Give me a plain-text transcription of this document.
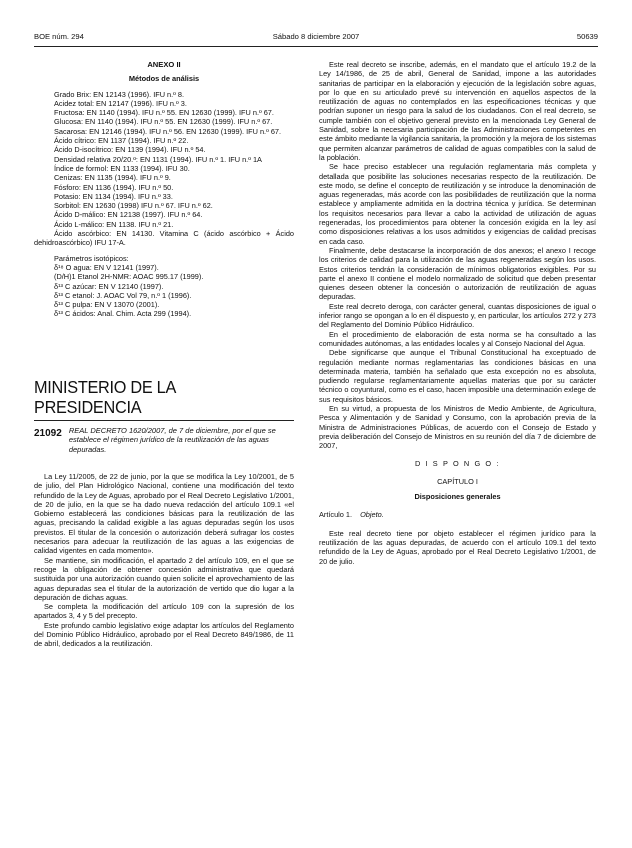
BOE núm. 294	Sábado 8 diciembre 2007	50639
ANEXO II
Métodos de análisis

Grado Brix: EN 12143 (1996). IFU n.º 8.

Acidez total: EN 12147 (1996). IFU n.º 3.

Fructosa: EN 1140 (1994). IFU n.º 55. EN 12630 (1999). IFU n.º 67.

Glucosa: EN 1140 (1994). IFU n.º 55. EN 12630 (1999). IFU n.º 67.

Sacarosa: EN 12146 (1994). IFU n.º 56. EN 12630 (1999). IFU n.º 67.

Ácido cítrico: EN 1137 (1994). IFU n.º 22.

Ácido D-isocítrico: EN 1139 (1994). IFU n.º 54.

Densidad relativa 20/20.º: EN 1131 (1994). IFU n.º 1. IFU n.º 1A

Índice de formol: EN 1133 (1994). IFU 30.

Cenizas: EN 1135 (1994). IFU n.º 9.

Fósforo: EN 1136 (1994). IFU n.º 50.

Potasio: EN 1134 (1994). IFU n.º 33.

Sorbitol: EN 12630 (1998) IFU n.º 67. IFU n.º 62.

Ácido D-málico: EN 12138 (1997). IFU n.º 64.

Ácido L-málico: EN 1138. IFU n.º 21.

Ácido ascórbico: EN 14130. Vitamina C (ácido ascórbico + Ácido dehidroascórbico) IFU 17-A.

Parámetros isotópicos:

δ¹⁸ O agua: EN V 12141 (1997).

(D/H)1 Etanol 2H-NMR: AOAC 995.17 (1999).

δ¹³ C azúcar: EN V 12140 (1997).

δ¹³ C etanol: J. AOAC Vol 79, n.º 1 (1996).

δ¹³ C pulpa: EN V 13070 (2001).

δ¹³ C ácidos: Anal. Chim. Acta 299 (1994).

MINISTERIO DE LA PRESIDENCIA
21092 REAL DECRETO 1620/2007, de 7 de diciembre, por el que se establece el régimen jurídico de la reutilización de las aguas depuradas.

La Ley 11/2005, de 22 de junio, por la que se modifica la Ley 10/2001, de 5 de julio, del Plan Hidrológico Nacional, contiene una modificación del texto refundido de la Ley de Aguas, aprobado por el Real Decreto Legislativo 1/2001, de 20 de julio, en la que se ha dado nueva redacción del artículo 109.1 «el Gobierno establecerá las condiciones básicas para la reutilización de las aguas, precisando la calidad exigible a las aguas depuradas según los usos previstos. El titular de la concesión o autorización deberá sufragar los costes necesarios para adecuar la reutilización de las aguas a las exigencias de calidad vigentes en cada momento».

Se mantiene, sin modificación, el apartado 2 del artículo 109, en el que se recoge la obligación de obtener concesión administrativa que quedará sustituida por una autorización cuando quien solicite el aprovechamiento de las aguas depuradas sea el titular de la autorización de vertido que dio lugar a la depuración de dichas aguas.

Se completa la modificación del artículo 109 con la supresión de los apartados 3, 4 y 5 del precepto.

Este profundo cambio legislativo exige adaptar los artículos del Reglamento del Dominio Público Hidráulico, aprobado por el Real Decreto 849/1986, de 11 de abril, dedicados a la reutilización.

Este real decreto se inscribe, además, en el mandato que el artículo 19.2 de la Ley 14/1986, de 25 de abril, General de Sanidad, impone a las autoridades sanitarias de participar en la elaboración y ejecución de la legislación sobre aguas, por lo que en su articulado prevé su intervención en aquellos aspectos de la reutilización de aguas no contemplados en las especificaciones técnicas y que podrían suponer un riesgo para la salud de los ciudadanos. Con el real decreto, se cumple también con el objetivo general previsto en la mencionada Ley General de Sanidad, sobre la necesaria participación de las Administraciones competentes en este ámbito mediante la vigilancia sanitaria, la promoción y la mejora de los sistemas que permiten alcanzar parámetros de calidad de aguas compatibles con la salud de la población.

Se hace preciso establecer una regulación reglamentaria más completa y detallada que posibilite las soluciones necesarias respecto de la reutilización. De este modo, se define el concepto de reutilización y se introduce la denominación de aguas regeneradas, más acorde con las posibilidades de reutilización que la norma establece y ampliamente admitida en la doctrina técnica y jurídica. Se determinan los requisitos necesarios para llevar a cabo la actividad de utilización de aguas regeneradas, los procedimientos para obtener la concesión exigida en la ley así como disposiciones relativas a los usos admitidos y exigencias de calidad precisas en cada caso.

Finalmente, debe destacarse la incorporación de dos anexos; el anexo I recoge los criterios de calidad para la utilización de las aguas regeneradas según los usos. Estos criterios tendrán la consideración de mínimos obligatorios exigibles. Por su parte el anexo II contiene el modelo normalizado de solicitud que deben presentar quienes deseen obtener la concesión o autorización de reutilización de aguas depuradas.

Este real decreto deroga, con carácter general, cuantas disposiciones de igual o inferior rango se opongan a lo en él dispuesto y, en particular, los artículos 272 y 273 del Reglamento del Dominio Público Hidráulico.

En el procedimiento de elaboración de esta norma se ha consultado a las comunidades autónomas, a las entidades locales y al Consejo Nacional del Agua.

Debe significarse que aunque el Tribunal Constitucional ha exceptuado de regulación mediante normas reglamentarias las condiciones básicas en una determinada materia, también ha señalado que esta excepción no es absoluta, pudiendo regularse reglamentariamente aquellas materias que por su carácter técnico o coyuntural, como es el caso, hacen imposible una determinación exlege de sus requisitos básicos.

En su virtud, a propuesta de los Ministros de Medio Ambiente, de Agricultura, Pesca y Alimentación y de Sanidad y Consumo, con la aprobación previa de la Ministra de Administraciones Públicas, de acuerdo con el Consejo de Estado y previa deliberación del Consejo de Ministros en su reunión del día 7 de diciembre de 2007,

D I S P O N G O :
CAPÍTULO I
Disposiciones generales
Artículo 1. Objeto.

Este real decreto tiene por objeto establecer el régimen jurídico para la reutilización de las aguas depuradas, de acuerdo con el artículo 109.1 del texto refundido de la Ley de Aguas, aprobado por el Real Decreto Legislativo 1/2001, de 20 de julio.
